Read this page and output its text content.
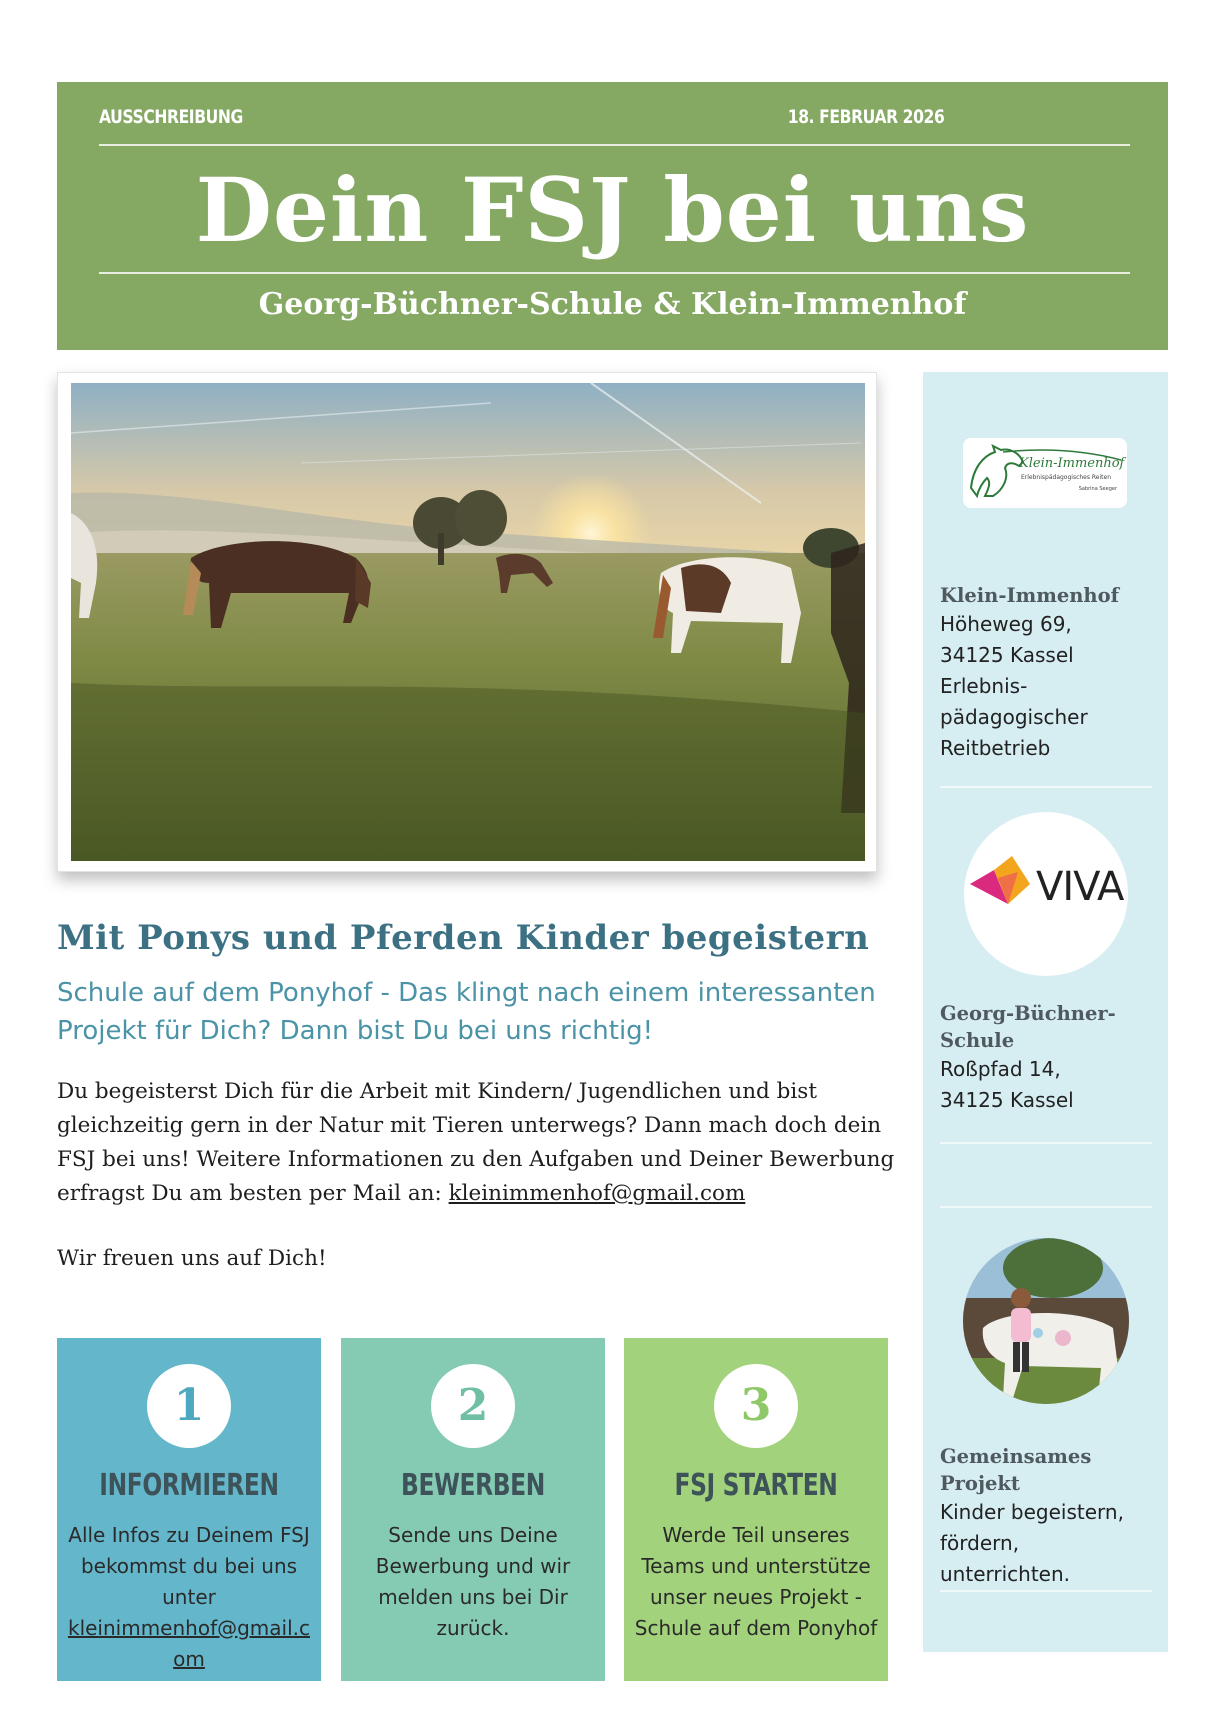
AUSSCHREIBUNG	18. FEBRUAR 2026
Dein FSJ bei uns
Georg-Büchner-Schule & Klein-Immenhof
Mit Ponys und Pferden Kinder begeistern
Schule auf dem Ponyhof - Das klingt nach einem interessanten Projekt für Dich? Dann bist Du bei uns richtig!
Du begeisterst Dich für die Arbeit mit Kindern/ Jugendlichen und bist gleichzeitig gern in der Natur mit Tieren unterwegs? Dann mach doch dein FSJ bei uns! Weitere Informationen zu den Aufgaben und Deiner Bewerbung erfragst Du am besten per Mail an: kleinimmenhof@gmail.com
Wir freuen uns auf Dich!
1
INFORMIEREN
Alle Infos zu Deinem FSJ bekommst du bei uns unter
kleinimmenhof@gmail.com
2
BEWERBEN
Sende uns Deine Bewerbung und wir melden uns bei Dir zurück.
3
FSJ STARTEN
Werde Teil unseres Teams und unterstütze unser neues Projekt - Schule auf dem Ponyhof
Klein-Immenhof
Erlebnispädagogisches Reiten
Sabrina Seeger
Klein-Immenhof
Höheweg 69,
34125 Kassel
Erlebnis-
pädagogischer
Reitbetrieb
VIVA
Georg-Büchner-Schule
Roßpfad 14,
34125 Kassel
Gemeinsames Projekt
Kinder begeistern,
fördern,
unterrichten.
